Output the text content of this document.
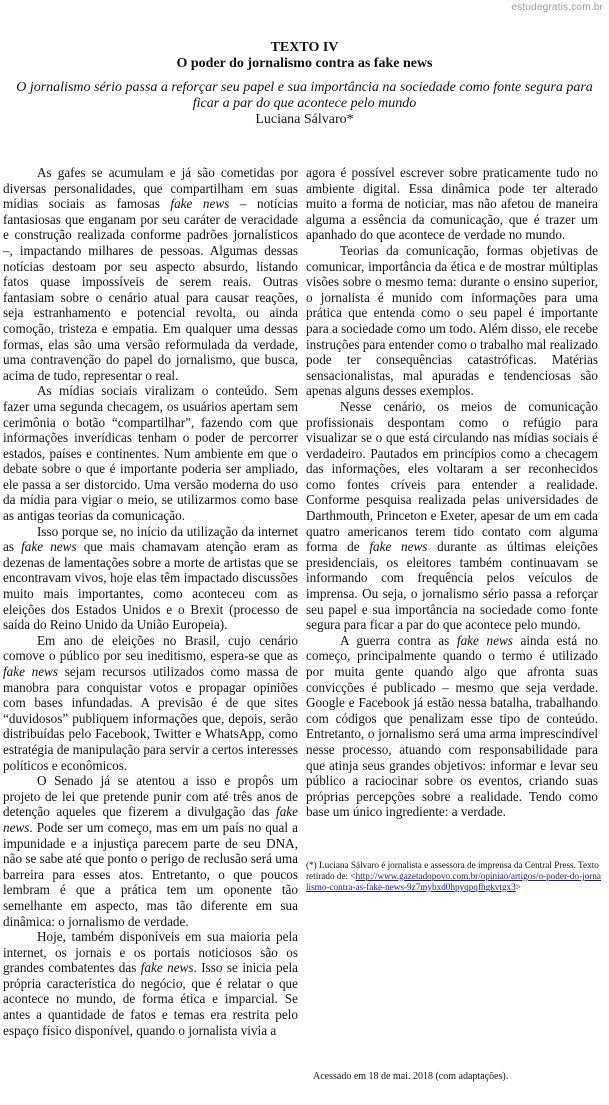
estudegratis.com.br
TEXTO IV
O poder do jornalismo contra as fake news
O jornalismo sério passa a reforçar seu papel e sua importância na sociedade como fonte segura para ficar a par do que acontece pelo mundo
Luciana Sálvaro*

As gafes se acumulam e já são cometidas por diversas personalidades, que compartilham em suas mídias sociais as famosas fake news – notícias fantasiosas que enganam por seu caráter de veracidade e construção realizada conforme padrões jornalísticos –, impactando milhares de pessoas. Algumas dessas notícias destoam por seu aspecto absurdo, listando fatos quase impossíveis de serem reais. Outras fantasiam sobre o cenário atual para causar reações, seja estranhamento e potencial revolta, ou ainda comoção, tristeza e empatia. Em qualquer uma dessas formas, elas são uma versão reformulada da verdade, uma contravenção do papel do jornalismo, que busca, acima de tudo, representar o real.

As mídias sociais viralizam o conteúdo. Sem fazer uma segunda checagem, os usuários apertam sem cerimônia o botão “compartilhar”, fazendo com que informações inverídicas tenham o poder de percorrer estados, países e continentes. Num ambiente em que o debate sobre o que é importante poderia ser ampliado, ele passa a ser distorcido. Uma versão moderna do uso da mídia para vigiar o meio, se utilizarmos como base as antigas teorias da comunicação.

Isso porque se, no início da utilização da internet as fake news que mais chamavam atenção eram as dezenas de lamentações sobre a morte de artistas que se encontravam vivos, hoje elas têm impactado discussões muito mais importantes, como aconteceu com as eleições dos Estados Unidos e o Brexit (processo de saída do Reino Unido da União Europeia).

Em ano de eleições no Brasil, cujo cenário comove o público por seu ineditismo, espera-se que as fake news sejam recursos utilizados como massa de manobra para conquistar votos e propagar opiniões com bases infundadas. A previsão é de que sites “duvidosos” publiquem informações que, depois, serão distribuídas pelo Facebook, Twitter e WhatsApp, como estratégia de manipulação para servir a certos interesses políticos e econômicos.

O Senado já se atentou a isso e propôs um projeto de lei que pretende punir com até três anos de detenção aqueles que fizerem a divulgação das fake news. Pode ser um começo, mas em um país no qual a impunidade e a injustiça parecem parte de seu DNA, não se sabe até que ponto o perigo de reclusão será uma barreira para esses atos. Entretanto, o que poucos lembram é que a prática tem um oponente tão semelhante em aspecto, mas tão diferente em sua dinâmica: o jornalismo de verdade.

Hoje, também disponíveis em sua maioria pela internet, os jornais e os portais noticiosos são os grandes combatentes das fake news. Isso se inicia pela própria característica do negócio, que é relatar o que acontece no mundo, de forma ética e imparcial. Se antes a quantidade de fatos e temas era restrita pelo espaço físico disponível, quando o jornalista vivia a

agora é possível escrever sobre praticamente tudo no ambiente digital. Essa dinâmica pode ter alterado muito a forma de noticiar, mas não afetou de maneira alguma a essência da comunicação, que é trazer um apanhado do que acontece de verdade no mundo.

Teorias da comunicação, formas objetivas de comunicar, importância da ética e de mostrar múltiplas visões sobre o mesmo tema: durante o ensino superior, o jornalista é munido com informações para uma prática que entenda como o seu papel é importante para a sociedade como um todo. Além disso, ele recebe instruções para entender como o trabalho mal realizado pode ter consequências catastróficas. Matérias sensacionalistas, mal apuradas e tendenciosas são apenas alguns desses exemplos.

Nesse cenário, os meios de comunicação profissionais despontam como o refúgio para visualizar se o que está circulando nas mídias sociais é verdadeiro. Pautados em princípios como a checagem das informações, eles voltaram a ser reconhecidos como fontes críveis para entender a realidade. Conforme pesquisa realizada pelas universidades de Darthmouth, Princeton e Exeter, apesar de um em cada quatro americanos terem tido contato com alguma forma de fake news durante as últimas eleições presidenciais, os eleitores também continuavam se informando com frequência pelos veículos de imprensa. Ou seja, o jornalismo sério passa a reforçar seu papel e sua importância na sociedade como fonte segura para ficar a par do que acontece pelo mundo.

A guerra contra as fake news ainda está no começo, principalmente quando o termo é utilizado por muita gente quando algo que afronta suas convicções é publicado – mesmo que seja verdade. Google e Facebook já estão nessa batalha, trabalhando com códigos que penalizam esse tipo de conteúdo. Entretanto, o jornalismo será uma arma imprescindível nesse processo, atuando com responsabilidade para que atinja seus grandes objetivos: informar e levar seu público a raciocinar sobre os eventos, criando suas próprias percepções sobre a realidade. Tendo como base um único ingrediente: a verdade.

(*) Luciana Sálvaro é jornalista e assessora de imprensa da Central Press. Texto retirado de: <http://www.gazetadopovo.com.br/opiniao/artigos/o-poder-do-jornalismo-contra-as-fake-news-9z7mybxd0hpyqpqfhgkvtgx3>
Acessado em 18 de mai. 2018 (com adaptações).
